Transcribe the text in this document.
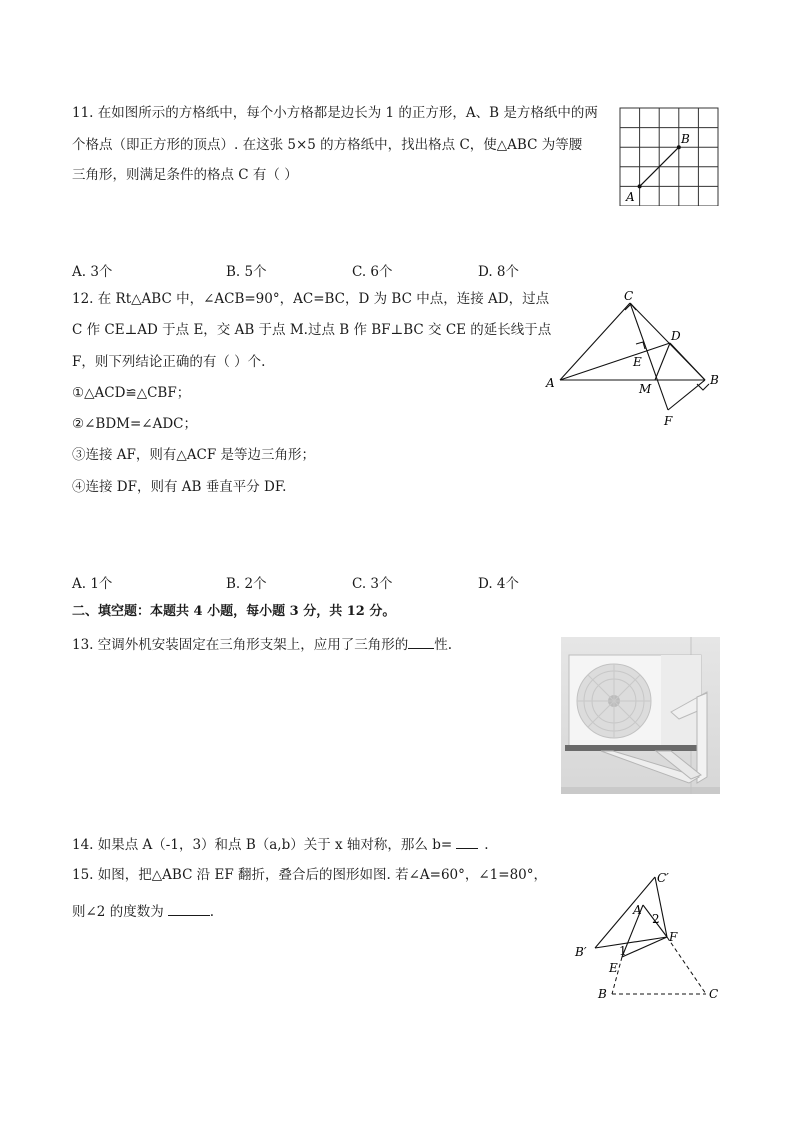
11. 在如图所示的方格纸中，每个小方格都是边长为 1 的正方形，A、B 是方格纸中的两
个格点（即正方形的顶点）. 在这张 5×5 的方格纸中，找出格点 C，使△ABC 为等腰
三角形，则满足条件的格点 C 有（ ）
A
B
A. 3个	B. 5个	C. 6个	D. 8个
12. 在 Rt△ABC 中，∠ACB=90°，AC=BC，D 为 BC 中点，连接 AD，过点
C 作 CE⊥AD 于点 E，交 AB 于点 M.过点 B 作 BF⊥BC 交 CE 的延长线于点
F，则下列结论正确的有（ ）个.
①△ACD≌△CBF；
②∠BDM=∠ADC；
③连接 AF，则有△ACF 是等边三角形；
④连接 DF，则有 AB 垂直平分 DF.
C
D
A
E
M
B
F
A. 1个	B. 2个	C. 3个	D. 4个
二、填空题：本题共 4 小题，每小题 3 分，共 12 分。
13. 空调外机安装固定在三角形支架上，应用了三角形的 性.
14. 如果点 A（-1，3）和点 B（a,b）关于 x 轴对称，那么 b= .
15. 如图，把△ABC 沿 EF 翻折，叠合后的图形如图. 若∠A=60°，∠1=80°，
则∠2 的度数为	.
C′
A
2
F
B′	1
E
B	C
